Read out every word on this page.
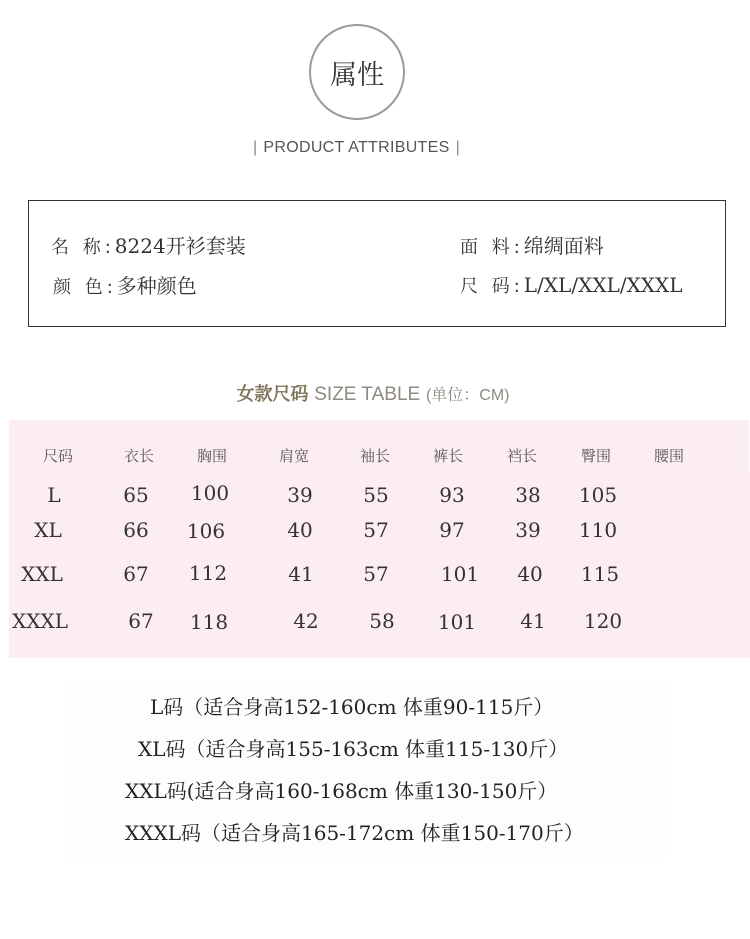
属性
| PRODUCT ATTRIBUTES |
名 称:8224开衫套装
颜 色:多种颜色
面 料:绵绸面料
尺 码:L/XL/XXL/XXXL
女款尺码 SIZE TABLE (单位：CM)
尺码	衣长	胸围	肩宽	袖长	裤长	裆长	臀围	腰围
L	65	100	39	55	93	38	105
XL	66	106	40	57	97	39	110
XXL	67	112	41	57	101	40	115
XXXL	67	118	42	58	101	41	120
L码（适合身高152-160cm 体重90-115斤）
XL码（适合身高155-163cm 体重115-130斤）
XXL码(适合身高160-168cm 体重130-150斤）
XXXL码（适合身高165-172cm 体重150-170斤）
